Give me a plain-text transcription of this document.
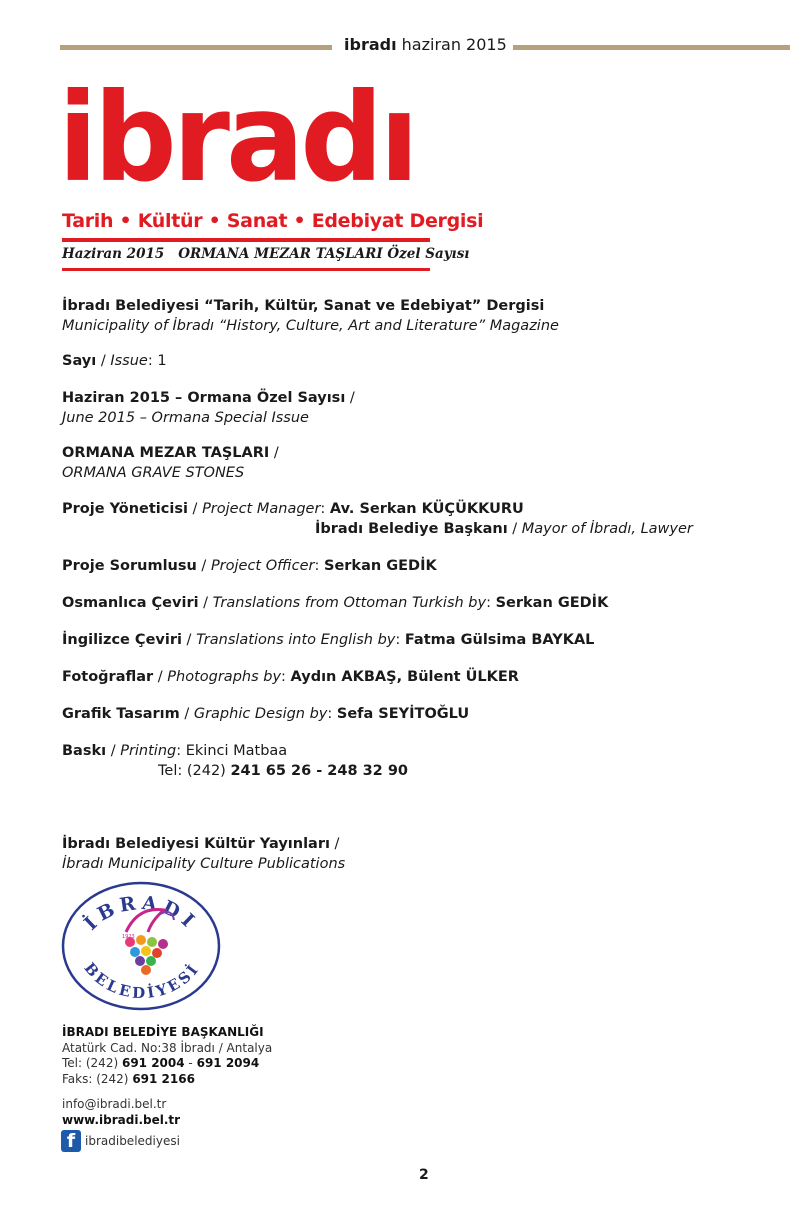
ibradı haziran 2015
ibradı
Tarih • Kültür • Sanat • Edebiyat Dergisi
Haziran 2015 ORMANA MEZAR TAŞLARI Özel Sayısı
İbradı Belediyesi “Tarih, Kültür, Sanat ve Edebiyat” Dergisi
Municipality of İbradı “History, Culture, Art and Literature” Magazine
Sayı / Issue: 1
Haziran 2015 – Ormana Özel Sayısı /
June 2015 – Ormana Special Issue
ORMANA MEZAR TAŞLARI /
ORMANA GRAVE STONES
Proje Yöneticisi / Project Manager: Av. Serkan KÜÇÜKKURU
İbradı Belediye Başkanı / Mayor of İbradı, Lawyer
Proje Sorumlusu / Project Officer: Serkan GEDİK
Osmanlıca Çeviri / Translations from Ottoman Turkish by: Serkan GEDİK
İngilizce Çeviri / Translations into English by: Fatma Gülsima BAYKAL
Fotoğraflar / Photographs by: Aydın AKBAŞ, Bülent ÜLKER
Grafik Tasarım / Graphic Design by: Sefa SEYİTOĞLU
Baskı / Printing: Ekinci Matbaa
Tel: (242) 241 65 26 - 248 32 90
İbradı Belediyesi Kültür Yayınları /
İbradı Municipality Culture Publications
İBRADI
BELEDİYESİ
1923
İBRADI BELEDİYE BAŞKANLIĞI
Atatürk Cad. No:38 İbradı / Antalya
Tel: (242) 691 2004 - 691 2094
Faks: (242) 691 2166
info@ibradi.bel.tr
www.ibradi.bel.tr
f ibradibelediyesi
2
